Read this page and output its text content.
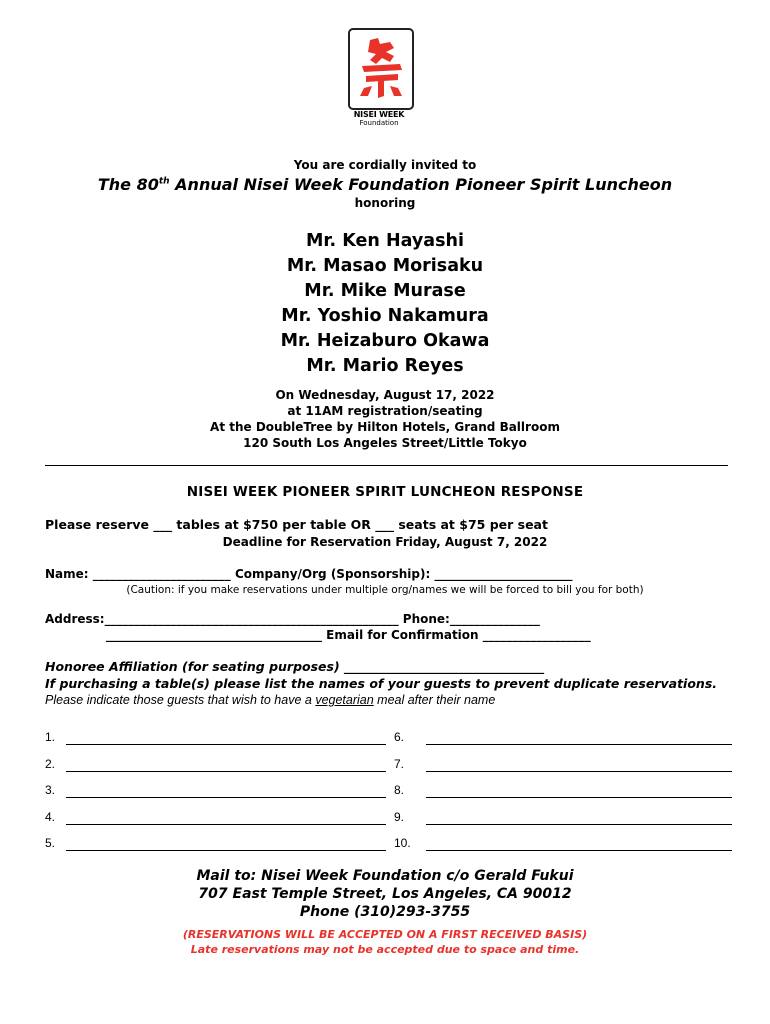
NISEI WEEK
Foundation
You are cordially invited to
The 80th Annual Nisei Week Foundation Pioneer Spirit Luncheon
honoring
Mr. Ken Hayashi
Mr. Masao Morisaku
Mr. Mike Murase
Mr. Yoshio Nakamura
Mr. Heizaburo Okawa
Mr. Mario Reyes
On Wednesday, August 17, 2022
at 11AM registration/seating
At the DoubleTree by Hilton Hotels, Grand Ballroom
120 South Los Angeles Street/Little Tokyo
NISEI WEEK PIONEER SPIRIT LUNCHEON RESPONSE
Please reserve ___ tables at $750 per table OR ___ seats at $75 per seat
Deadline for Reservation Friday, August 7, 2022
Name: _______________________ Company/Org (Sponsorship): _______________________
(Caution: if you make reservations under multiple org/names we will be forced to bill you for both)
Address:_________________________________________________ Phone:_______________
____________________________________ Email for Confirmation __________________
Honoree Affiliation (for seating purposes) ________________________________
If purchasing a table(s) please list the names of your guests to prevent duplicate reservations.
Please indicate those guests that wish to have a vegetarian meal after their name
1.
2.
3.
4.
5.
6.
7.
8.
9.
10.
Mail to: Nisei Week Foundation c/o Gerald Fukui
707 East Temple Street, Los Angeles, CA 90012
Phone (310)293-3755
(RESERVATIONS WILL BE ACCEPTED ON A FIRST RECEIVED BASIS)
Late reservations may not be accepted due to space and time.
